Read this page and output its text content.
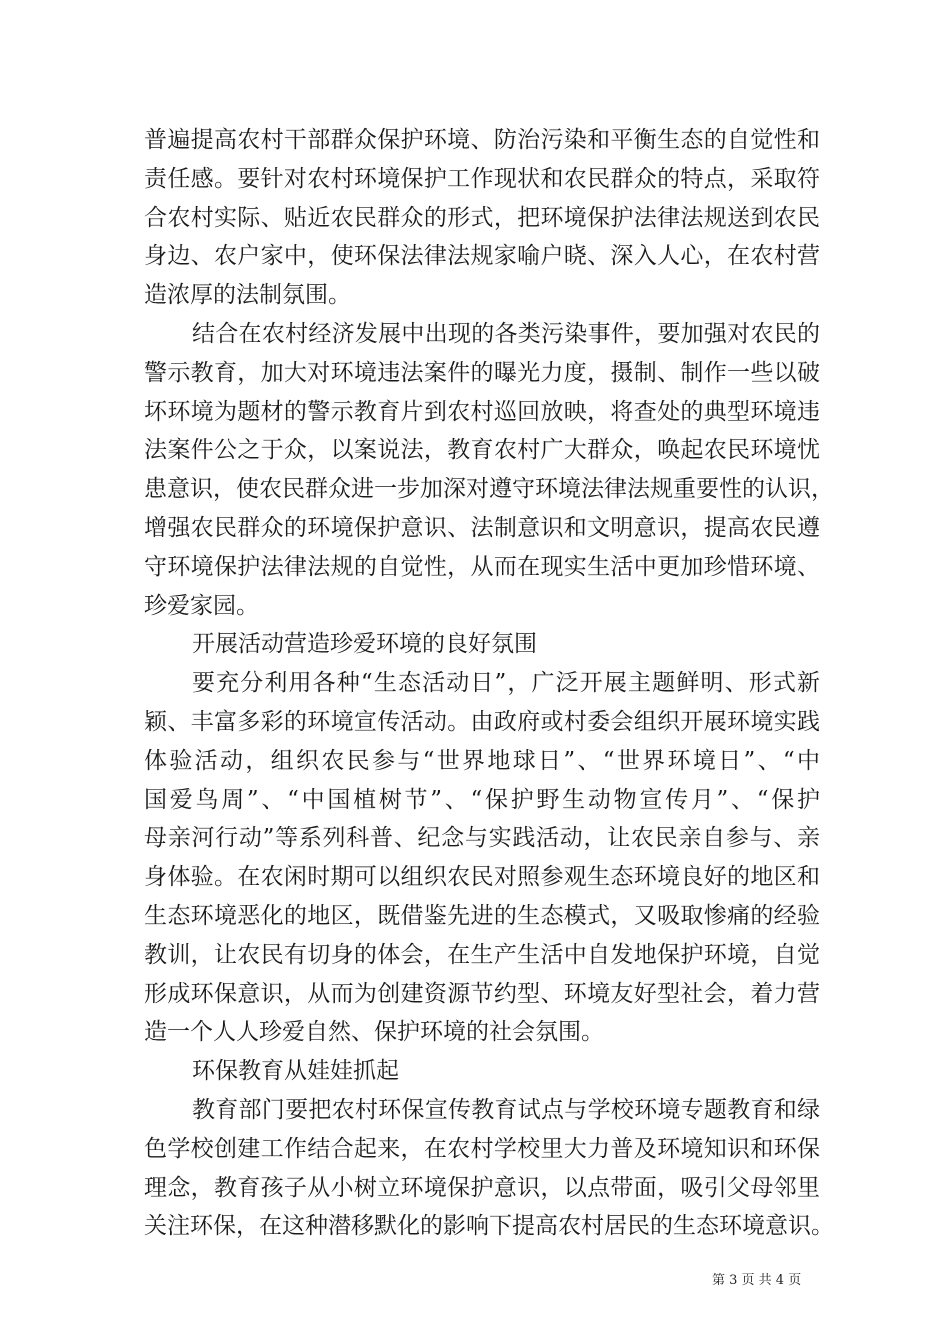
普遍提高农村干部群众保护环境、防治污染和平衡生态的自觉性和
责任感。要针对农村环境保护工作现状和农民群众的特点，采取符
合农村实际、贴近农民群众的形式，把环境保护法律法规送到农民
身边、农户家中，使环保法律法规家喻户晓、深入人心，在农村营
造浓厚的法制氛围。
结合在农村经济发展中出现的各类污染事件，要加强对农民的
警示教育，加大对环境违法案件的曝光力度，摄制、制作一些以破
坏环境为题材的警示教育片到农村巡回放映，将查处的典型环境违
法案件公之于众，以案说法，教育农村广大群众，唤起农民环境忧
患意识，使农民群众进一步加深对遵守环境法律法规重要性的认识，
增强农民群众的环境保护意识、法制意识和文明意识，提高农民遵
守环境保护法律法规的自觉性，从而在现实生活中更加珍惜环境、
珍爱家园。
开展活动营造珍爱环境的良好氛围
要充分利用各种“生态活动日”，广泛开展主题鲜明、形式新
颖、丰富多彩的环境宣传活动。由政府或村委会组织开展环境实践
体验活动，组织农民参与“世界地球日”、“世界环境日”、“中
国爱鸟周”、“中国植树节”、“保护野生动物宣传月”、“保护
母亲河行动”等系列科普、纪念与实践活动，让农民亲自参与、亲
身体验。在农闲时期可以组织农民对照参观生态环境良好的地区和
生态环境恶化的地区，既借鉴先进的生态模式，又吸取惨痛的经验
教训，让农民有切身的体会，在生产生活中自发地保护环境，自觉
形成环保意识，从而为创建资源节约型、环境友好型社会，着力营
造一个人人珍爱自然、保护环境的社会氛围。
环保教育从娃娃抓起
教育部门要把农村环保宣传教育试点与学校环境专题教育和绿
色学校创建工作结合起来，在农村学校里大力普及环境知识和环保
理念，教育孩子从小树立环境保护意识，以点带面，吸引父母邻里
关注环保，在这种潜移默化的影响下提高农村居民的生态环境意识。
第 3 页 共 4 页
